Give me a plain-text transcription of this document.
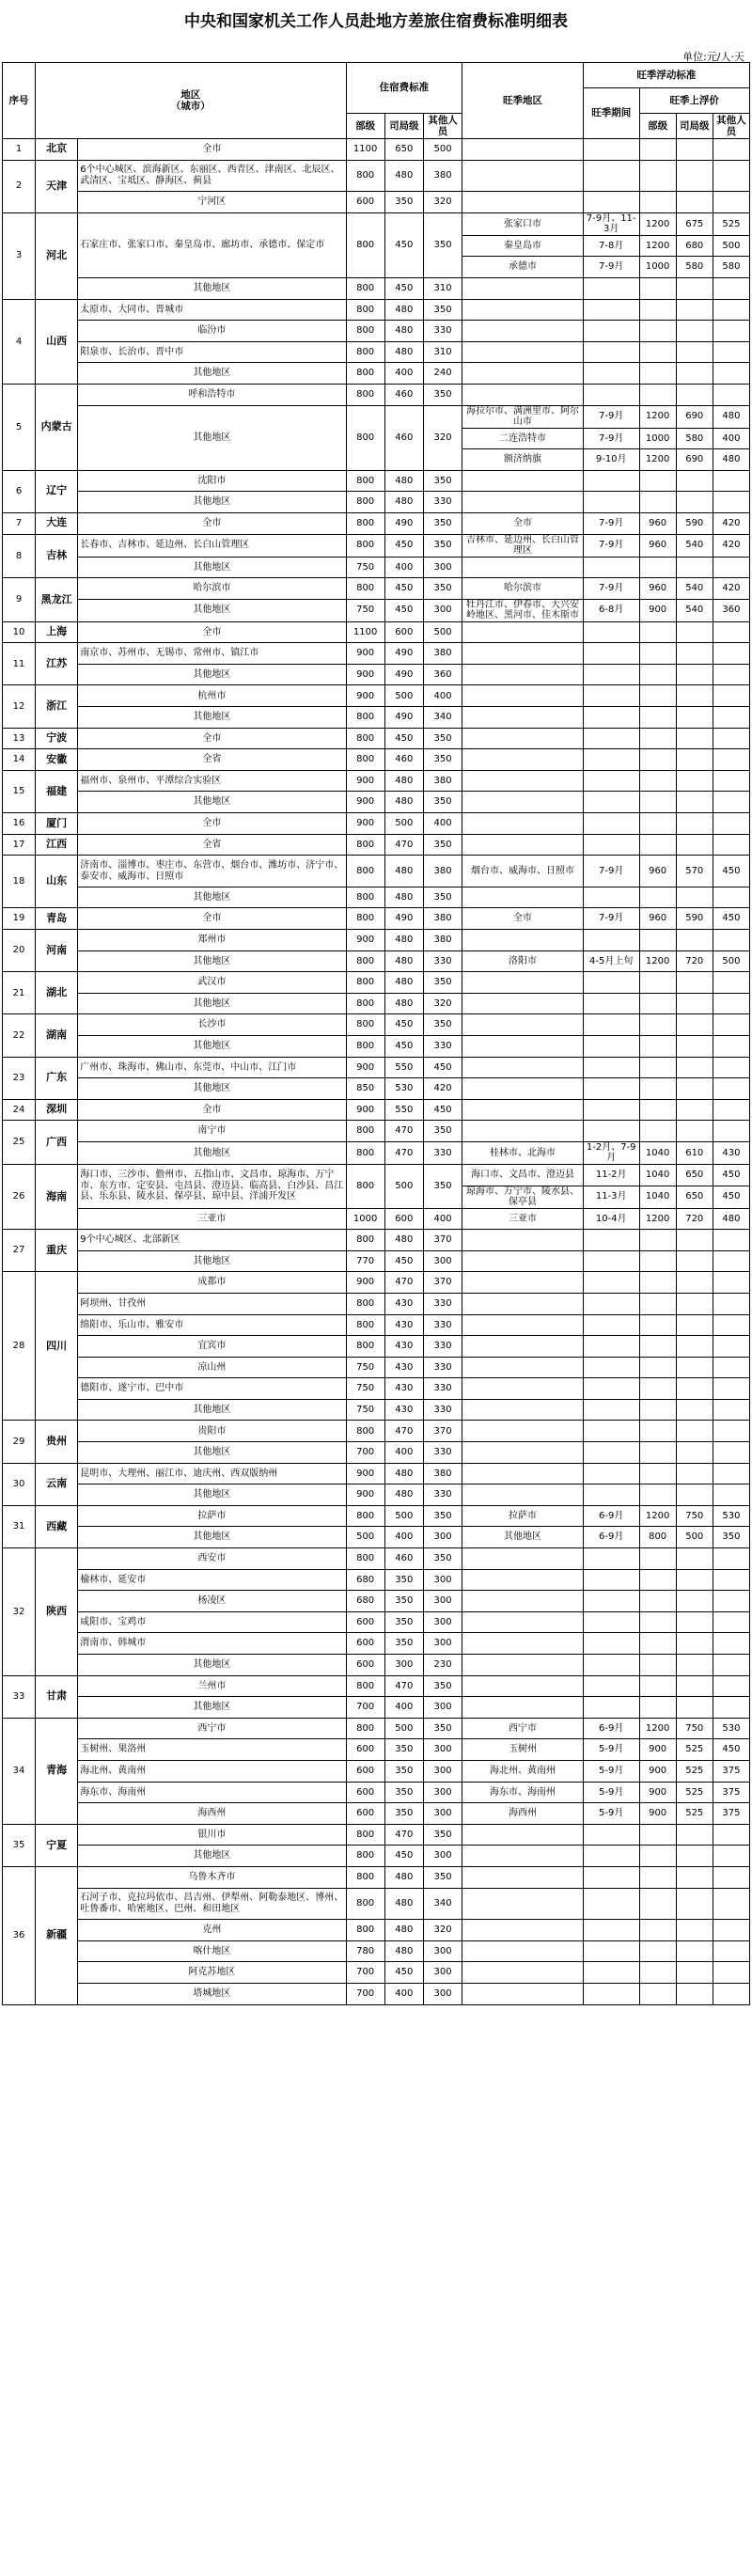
中央和国家机关工作人员赴地方差旅住宿费标准明细表
单位:元/人·天
序号	地区
（城市）		住宿费标准			旺季地区	旺季浮动标准			
							旺季期间	旺季上浮价		
			部级	司局级	其他人员			部级	司局级	其他人员
1	北京	全市	1100	650	500					
2	天津	6个中心城区、滨海新区、东丽区、西青区、津南区、北辰区、武清区、宝坻区、静海区、蓟县	800	480	380					
		宁河区	600	350	320					
3	河北	石家庄市、张家口市、秦皇岛市、廊坊市、承德市、保定市	800	450	350	张家口市	7-9月、11-3月	1200	675	525
						秦皇岛市	7-8月	1200	680	500
						承德市	7-9月	1000	580	580
		其他地区	800	450	310					
4	山西	太原市、大同市、晋城市	800	480	350					
		临汾市	800	480	330					
		阳泉市、长治市、晋中市	800	480	310					
		其他地区	800	400	240					
5	内蒙古	呼和浩特市	800	460	350					
		其他地区	800	460	320	海拉尔市、满洲里市、阿尔山市	7-9月	1200	690	480
						二连浩特市	7-9月	1000	580	400
						额济纳旗	9-10月	1200	690	480
6	辽宁	沈阳市	800	480	350					
		其他地区	800	480	330					
7	大连	全市	800	490	350	全市	7-9月	960	590	420
8	吉林	长春市、吉林市、延边州、长白山管理区	800	450	350	吉林市、延边州、长白山管理区	7-9月	960	540	420
		其他地区	750	400	300					
9	黑龙江	哈尔滨市	800	450	350	哈尔滨市	7-9月	960	540	420
		其他地区	750	450	300	牡丹江市、伊春市、大兴安岭地区、黑河市、佳木斯市	6-8月	900	540	360
10	上海	全市	1100	600	500					
11	江苏	南京市、苏州市、无锡市、常州市、镇江市	900	490	380					
		其他地区	900	490	360					
12	浙江	杭州市	900	500	400					
		其他地区	800	490	340					
13	宁波	全市	800	450	350					
14	安徽	全省	800	460	350					
15	福建	福州市、泉州市、平潭综合实验区	900	480	380					
		其他地区	900	480	350					
16	厦门	全市	900	500	400					
17	江西	全省	800	470	350					
18	山东	济南市、淄博市、枣庄市、东营市、烟台市、潍坊市、济宁市、泰安市、威海市、日照市	800	480	380	烟台市、威海市、日照市	7-9月	960	570	450
		其他地区	800	480	350					
19	青岛	全市	800	490	380	全市	7-9月	960	590	450
20	河南	郑州市	900	480	380					
		其他地区	800	480	330	洛阳市	4-5月上旬	1200	720	500
21	湖北	武汉市	800	480	350					
		其他地区	800	480	320					
22	湖南	长沙市	800	450	350					
		其他地区	800	450	330					
23	广东	广州市、珠海市、佛山市、东莞市、中山市、江门市	900	550	450					
		其他地区	850	530	420					
24	深圳	全市	900	550	450					
25	广西	南宁市	800	470	350					
		其他地区	800	470	330	桂林市、北海市	1-2月、7-9月	1040	610	430
26	海南	海口市、三沙市、儋州市、五指山市、文昌市、琼海市、万宁市、东方市、定安县、屯昌县、澄迈县、临高县、白沙县、昌江县、乐东县、陵水县、保亭县、琼中县、洋浦开发区	800	500	350	海口市、文昌市、澄迈县	11-2月	1040	650	450
						琼海市、万宁市、陵水县、保亭县	11-3月	1040	650	450
		三亚市	1000	600	400	三亚市	10-4月	1200	720	480
27	重庆	9个中心城区、北部新区	800	480	370					
		其他地区	770	450	300					
28	四川	成都市	900	470	370					
		阿坝州、甘孜州	800	430	330					
		绵阳市、乐山市、雅安市	800	430	330					
		宜宾市	800	430	330					
		凉山州	750	430	330					
		德阳市、遂宁市、巴中市	750	430	330					
		其他地区	750	430	330					
29	贵州	贵阳市	800	470	370					
		其他地区	700	400	330					
30	云南	昆明市、大理州、丽江市、迪庆州、西双版纳州	900	480	380					
		其他地区	900	480	330					
31	西藏	拉萨市	800	500	350	拉萨市	6-9月	1200	750	530
		其他地区	500	400	300	其他地区	6-9月	800	500	350
32	陕西	西安市	800	460	350					
		榆林市、延安市	680	350	300					
		杨凌区	680	350	300					
		咸阳市、宝鸡市	600	350	300					
		渭南市、韩城市	600	350	300					
		其他地区	600	300	230					
33	甘肃	兰州市	800	470	350					
		其他地区	700	400	300					
34	青海	西宁市	800	500	350	西宁市	6-9月	1200	750	530
		玉树州、果洛州	600	350	300	玉树州	5-9月	900	525	450
		海北州、黄南州	600	350	300	海北州、黄南州	5-9月	900	525	375
		海东市、海南州	600	350	300	海东市、海南州	5-9月	900	525	375
		海西州	600	350	300	海西州	5-9月	900	525	375
35	宁夏	银川市	800	470	350					
		其他地区	800	450	300					
36	新疆	乌鲁木齐市	800	480	350					
		石河子市、克拉玛依市、昌吉州、伊犁州、阿勒泰地区、博州、吐鲁番市、哈密地区、巴州、和田地区	800	480	340					
		克州	800	480	320					
		喀什地区	780	480	300					
		阿克苏地区	700	450	300					
		塔城地区	700	400	300					
